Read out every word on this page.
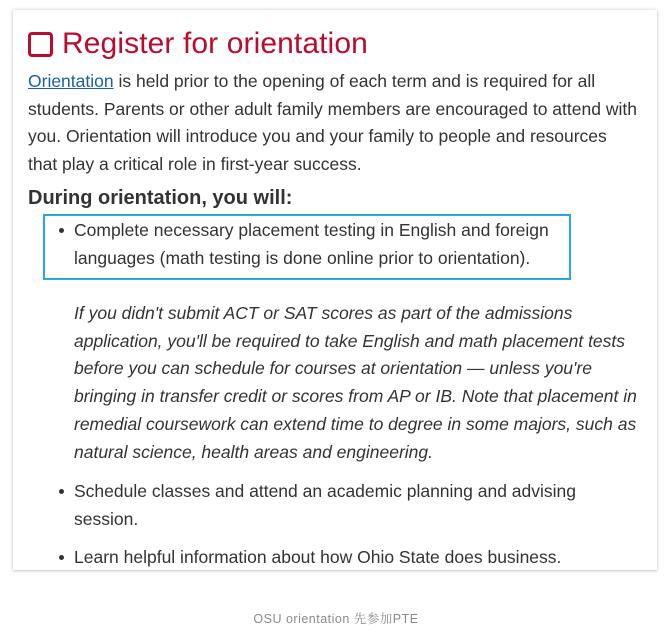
Register for orientation

Orientation is held prior to the opening of each term and is required for all students. Parents or other adult family members are encouraged to attend with you. Orientation will introduce you and your family to people and resources that play a critical role in first-year success.

During orientation, you will:
Complete necessary placement testing in English and foreign languages (math testing is done online prior to orientation).

If you didn't submit ACT or SAT scores as part of the admissions application, you'll be required to take English and math placement tests before you can schedule for courses at orientation — unless you're bringing in transfer credit or scores from AP or IB. Note that placement in remedial coursework can extend time to degree in some majors, such as natural science, health areas and engineering.

Schedule classes and attend an academic planning and advising session.
Learn helpful information about how Ohio State does business.
OSU orientation 先参加PTE
